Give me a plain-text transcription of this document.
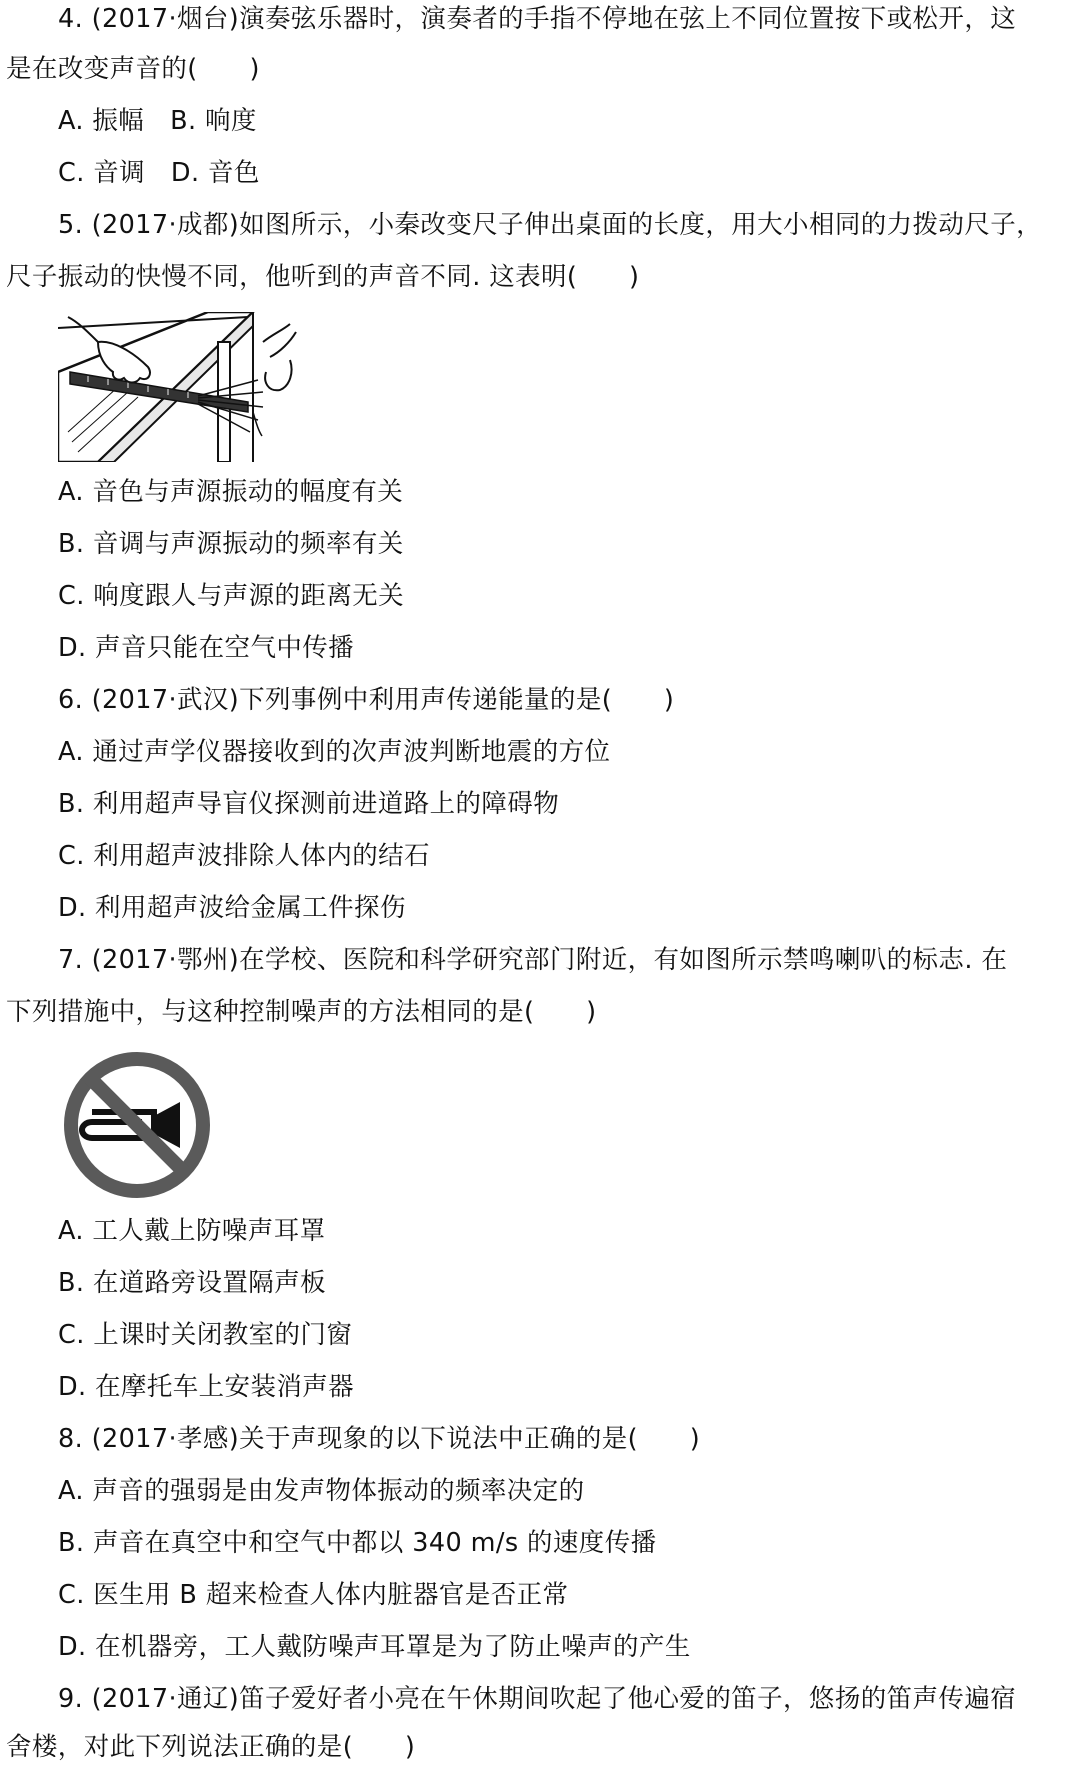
4. (2017·烟台)演奏弦乐器时，演奏者的手指不停地在弦上不同位置按下或松开，这
是在改变声音的(　　)
A. 振幅　B. 响度
C. 音调　D. 音色
5. (2017·成都)如图所示，小秦改变尺子伸出桌面的长度，用大小相同的力拨动尺子，
尺子振动的快慢不同，他听到的声音不同. 这表明(　　)
A. 音色与声源振动的幅度有关
B. 音调与声源振动的频率有关
C. 响度跟人与声源的距离无关
D. 声音只能在空气中传播
6. (2017·武汉)下列事例中利用声传递能量的是(　　)
A. 通过声学仪器接收到的次声波判断地震的方位
B. 利用超声导盲仪探测前进道路上的障碍物
C. 利用超声波排除人体内的结石
D. 利用超声波给金属工件探伤
7. (2017·鄂州)在学校、医院和科学研究部门附近，有如图所示禁鸣喇叭的标志. 在
下列措施中，与这种控制噪声的方法相同的是(　　)
A. 工人戴上防噪声耳罩
B. 在道路旁设置隔声板
C. 上课时关闭教室的门窗
D. 在摩托车上安装消声器
8. (2017·孝感)关于声现象的以下说法中正确的是(　　)
A. 声音的强弱是由发声物体振动的频率决定的
B. 声音在真空中和空气中都以 340 m/s 的速度传播
C. 医生用 B 超来检查人体内脏器官是否正常
D. 在机器旁，工人戴防噪声耳罩是为了防止噪声的产生
9. (2017·通辽)笛子爱好者小亮在午休期间吹起了他心爱的笛子，悠扬的笛声传遍宿
舍楼，对此下列说法正确的是(　　)
